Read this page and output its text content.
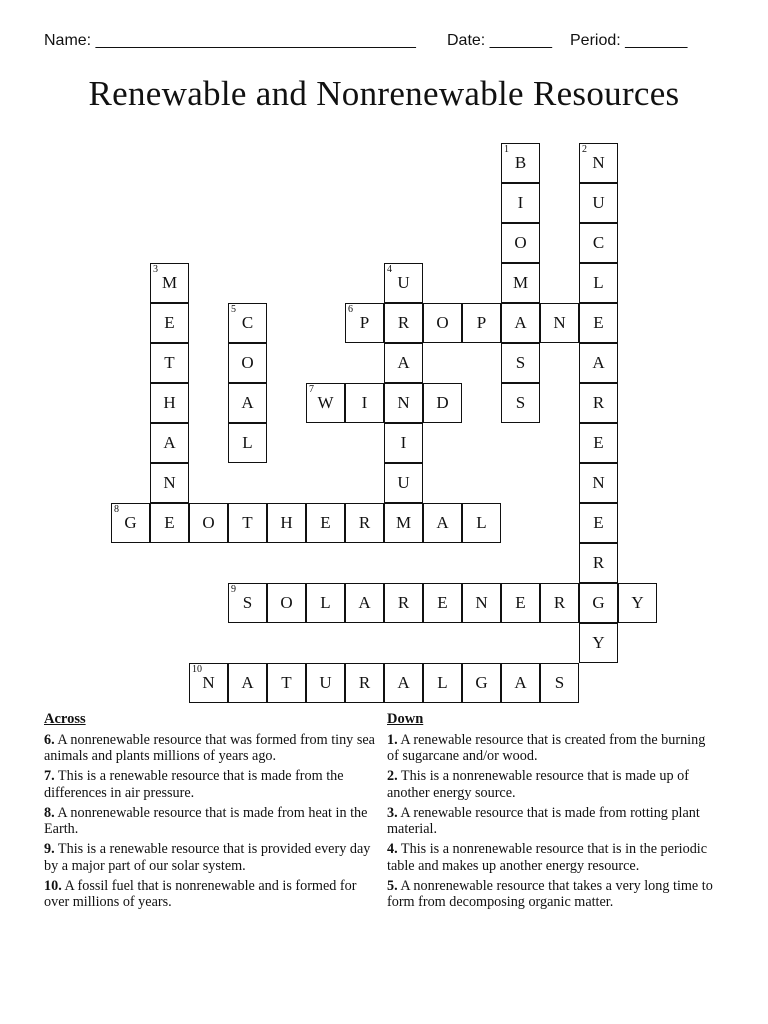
Name: ____________________________________ Date: _______ Period: _______
Renewable and Nonrenewable Resources
1
B
I
O
M
A
S
S
2
N
U
C
L
E
A
R
E
N
E
R
G
Y
3
M
E
T
H
A
N
4
U
R
A
N
I
U
5
C
O
A
L
6
P	O P	N
7
W I	D
8
G E O T H E R M A L
9
S O L A R E N E R	Y
10
N A T U R A L G A S
Across
6. A nonrenewable resource that was formed from tiny sea animals and plants millions of years ago.
7. This is a renewable resource that is made from the differences in air pressure.
8. A nonrenewable resource that is made from heat in the Earth.
9. This is a renewable resource that is provided every day by a major part of our solar system.
10. A fossil fuel that is nonrenewable and is formed for over millions of years.
Down
1. A renewable resource that is created from the burning of sugarcane and/or wood.
2. This is a nonrenewable resource that is made up of another energy source.
3. A renewable resource that is made from rotting plant material.
4. This is a nonrenewable resource that is in the periodic table and makes up another energy resource.
5. A nonrenewable resource that takes a very long time to form from decomposing organic matter.
